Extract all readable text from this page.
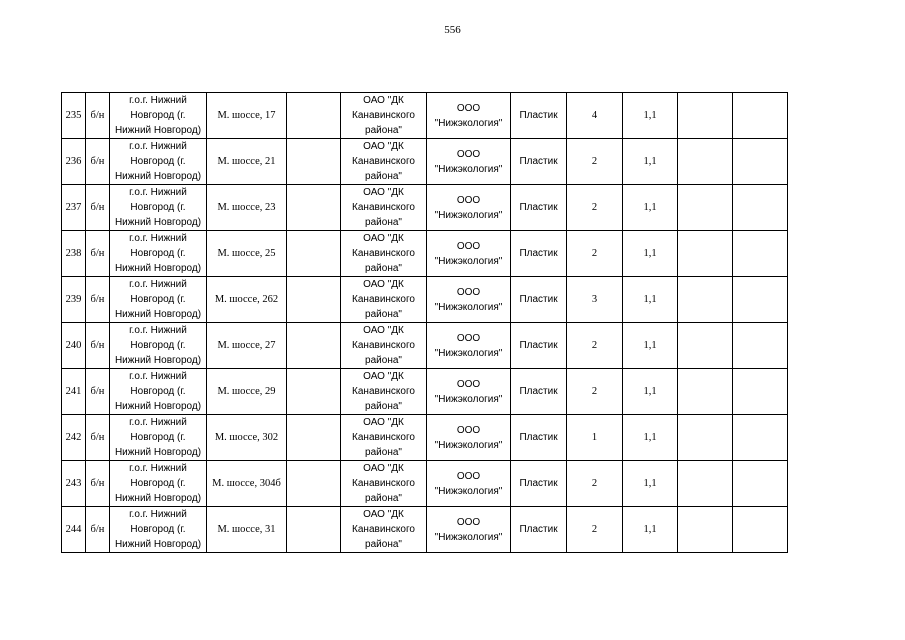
556
235	б/н	г.о.г. Нижний Новгород (г. Нижний Новгород)	М. шоссе, 17		ОАО "ДК Канавинского района"	ООО "Нижэкология"	Пластик	4	1,1		
236	б/н	г.о.г. Нижний Новгород (г. Нижний Новгород)	М. шоссе, 21		ОАО "ДК Канавинского района"	ООО "Нижэкология"	Пластик	2	1,1		
237	б/н	г.о.г. Нижний Новгород (г. Нижний Новгород)	М. шоссе, 23		ОАО "ДК Канавинского района"	ООО "Нижэкология"	Пластик	2	1,1		
238	б/н	г.о.г. Нижний Новгород (г. Нижний Новгород)	М. шоссе, 25		ОАО "ДК Канавинского района"	ООО "Нижэкология"	Пластик	2	1,1		
239	б/н	г.о.г. Нижний Новгород (г. Нижний Новгород)	М. шоссе, 262		ОАО "ДК Канавинского района"	ООО "Нижэкология"	Пластик	3	1,1		
240	б/н	г.о.г. Нижний Новгород (г. Нижний Новгород)	М. шоссе, 27		ОАО "ДК Канавинского района"	ООО "Нижэкология"	Пластик	2	1,1		
241	б/н	г.о.г. Нижний Новгород (г. Нижний Новгород)	М. шоссе, 29		ОАО "ДК Канавинского района"	ООО "Нижэкология"	Пластик	2	1,1		
242	б/н	г.о.г. Нижний Новгород (г. Нижний Новгород)	М. шоссе, 302		ОАО "ДК Канавинского района"	ООО "Нижэкология"	Пластик	1	1,1		
243	б/н	г.о.г. Нижний Новгород (г. Нижний Новгород)	М. шоссе, 304б		ОАО "ДК Канавинского района"	ООО "Нижэкология"	Пластик	2	1,1		
244	б/н	г.о.г. Нижний Новгород (г. Нижний Новгород)	М. шоссе, 31		ОАО "ДК Канавинского района"	ООО "Нижэкология"	Пластик	2	1,1		
